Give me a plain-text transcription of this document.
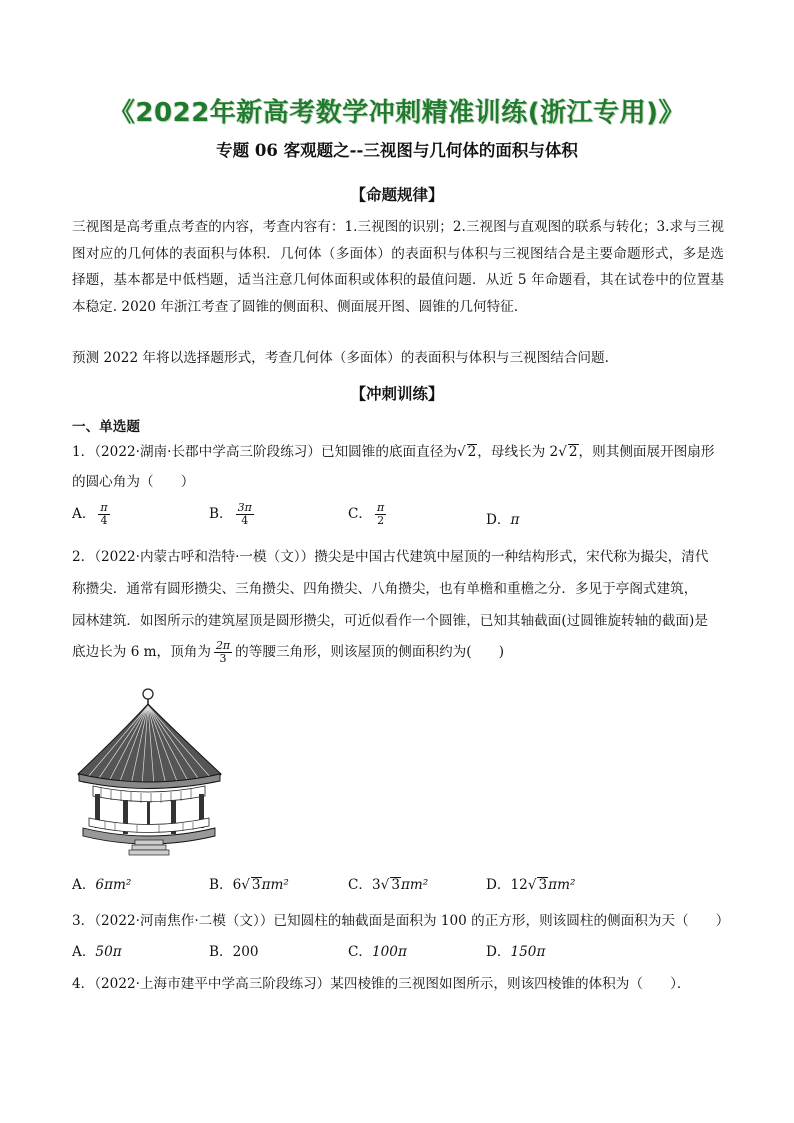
《2022年新高考数学冲刺精准训练(浙江专用)》
专题 06 客观题之--三视图与几何体的面积与体积
【命题规律】
三视图是高考重点考查的内容，考查内容有：1.三视图的识别；2.三视图与直观图的联系与转化；3.求与三视图对应的几何体的表面积与体积．几何体（多面体）的表面积与体积与三视图结合是主要命题形式，多是选择题，基本都是中低档题，适当注意几何体面积或体积的最值问题．从近 5 年命题看，其在试卷中的位置基本稳定. 2020 年浙江考查了圆锥的侧面积、侧面展开图、圆锥的几何特征.
预测 2022 年将以选择题形式，考查几何体（多面体）的表面积与体积与三视图结合问题.
【冲刺训练】
一、单选题
1．（2022·湖南·长郡中学高三阶段练习）已知圆锥的底面直径为√ 2，母线长为 2√ 2，则其侧面展开图扇形
的圆心角为（　　）
A． $\frac{\pi}{4}$	B． $\frac{3\pi}{4}$	C． $\frac{\pi}{2}$	D．π
2．（2022·内蒙古呼和浩特·一模（文））攒尖是中国古代建筑中屋顶的一种结构形式，宋代称为撮尖，清代
称攒尖．通常有圆形攒尖、三角攒尖、四角攒尖、八角攒尖，也有单檐和重檐之分．多见于亭阁式建筑，
园林建筑．如图所示的建筑屋顶是圆形攒尖，可近似看作一个圆锥，已知其轴截面(过圆锥旋转轴的截面)是
底边长为 6 m，顶角为 $\frac{2\pi}{3}$ 的等腰三角形，则该屋顶的侧面积约为(　　)
A．6πm²	B．6√ 3πm²	C．3√ 3πm²	D．12√ 3πm²
3．（2022·河南焦作·二模（文））已知圆柱的轴截面是面积为 100 的正方形，则该圆柱的侧面积为天（　　）
A．50π	B．200	C．100π	D．150π
4．（2022·上海市建平中学高三阶段练习）某四棱锥的三视图如图所示，则该四棱锥的体积为（　　）．
